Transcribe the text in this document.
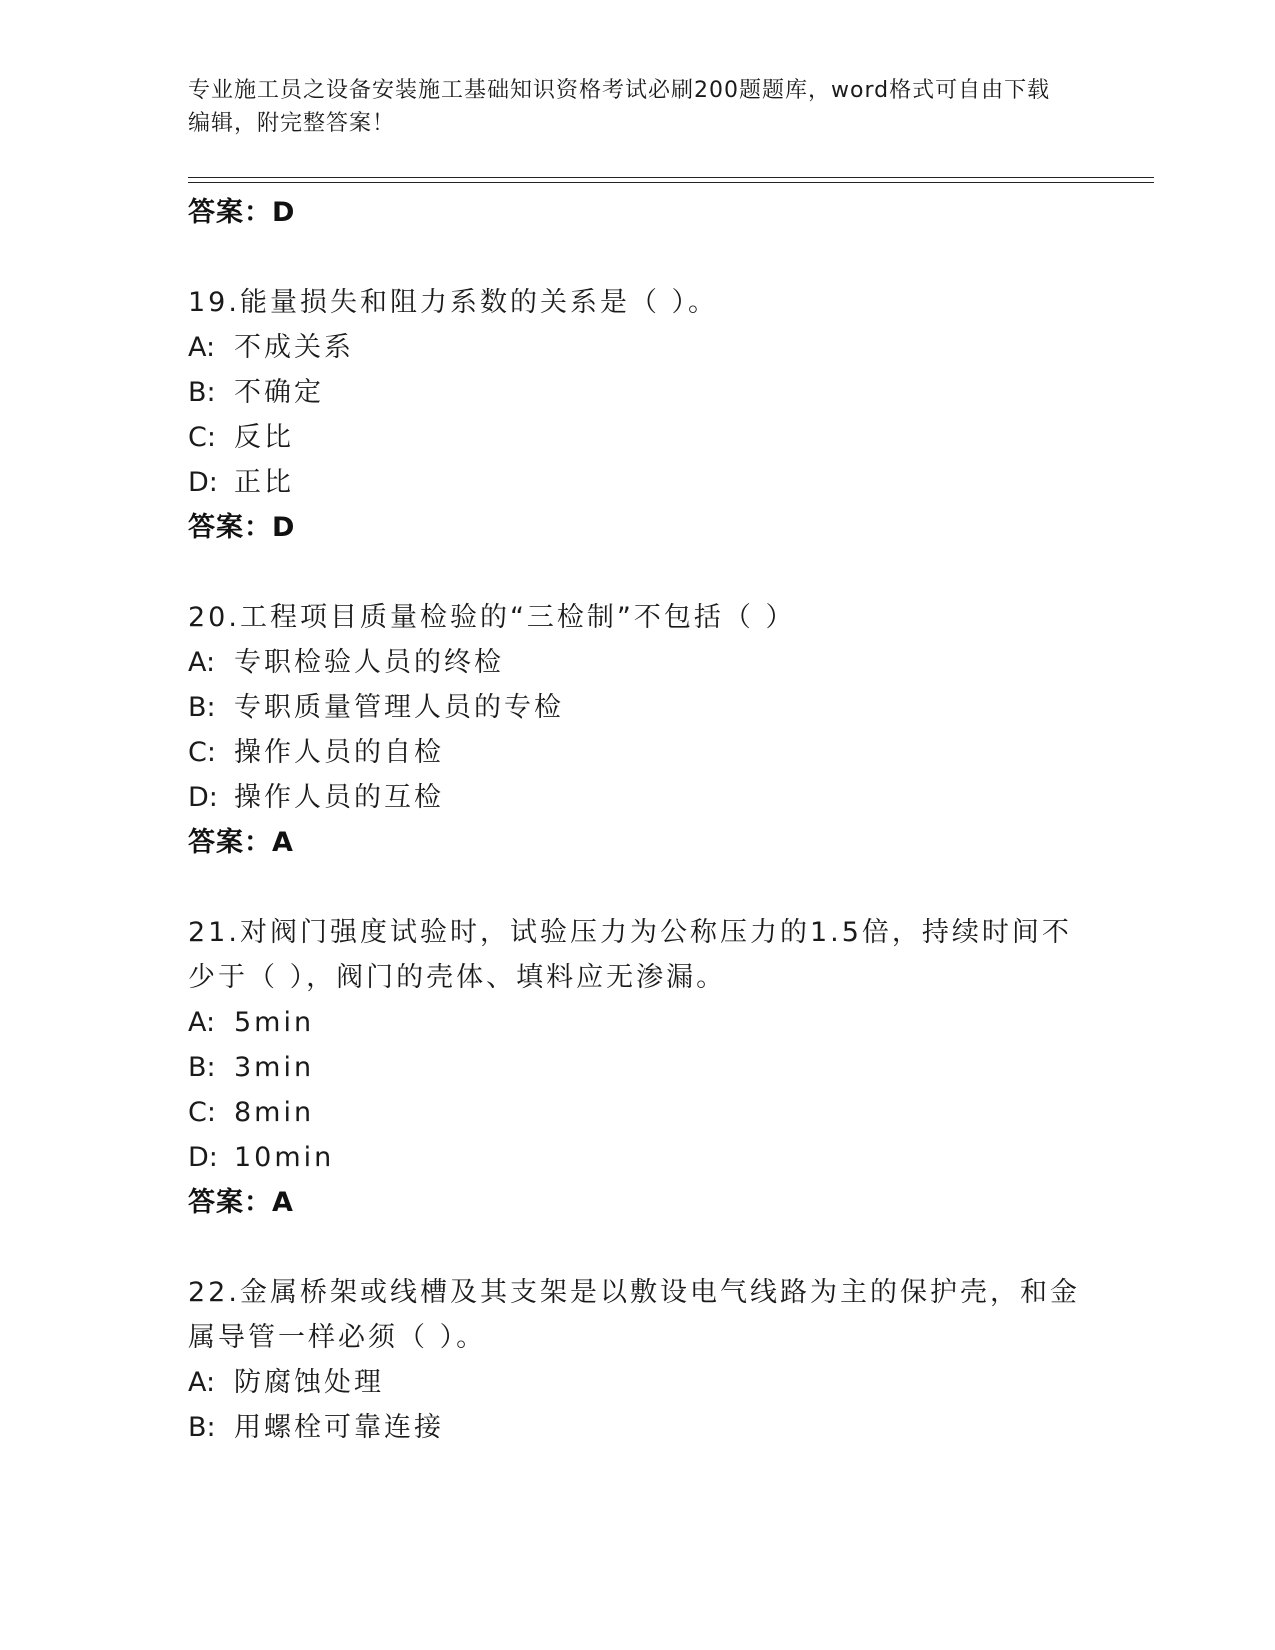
专业施工员之设备安装施工基础知识资格考试必刷200题题库，word格式可自由下载编辑，附完整答案！

答案：D

19.能量损失和阻力系数的关系是（ ）。

A: 不成关系
B: 不确定
C: 反比
D: 正比

答案：D

20.工程项目质量检验的“三检制”不包括（ ）

A: 专职检验人员的终检
B: 专职质量管理人员的专检
C: 操作人员的自检
D: 操作人员的互检

答案：A

21.对阀门强度试验时，试验压力为公称压力的1.5倍，持续时间不少于（ ），阀门的壳体、填料应无渗漏。

A: 5min
B: 3min
C: 8min
D: 10min

答案：A

22.金属桥架或线槽及其支架是以敷设电气线路为主的保护壳，和金属导管一样必须（ ）。

A: 防腐蚀处理
B: 用螺栓可靠连接
